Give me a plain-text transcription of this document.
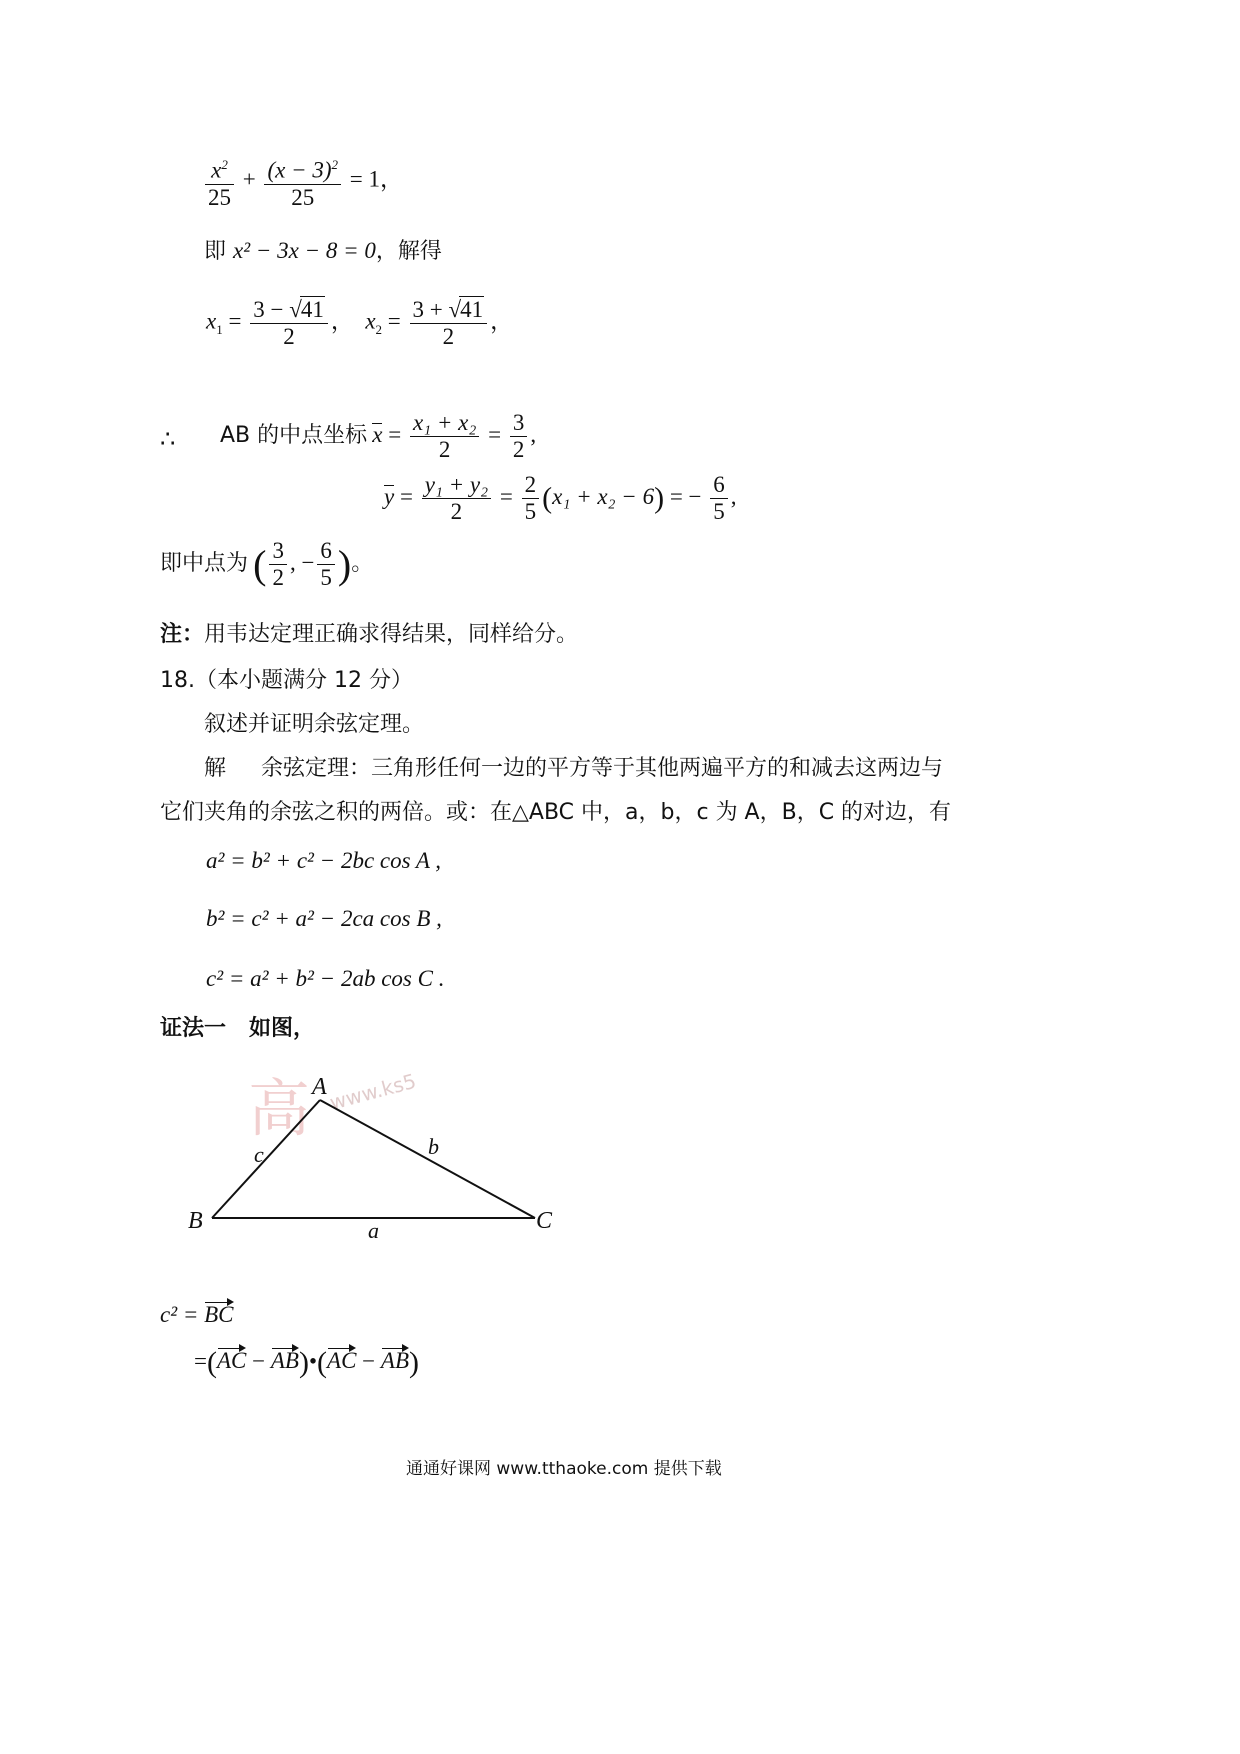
$\frac{x^2}{25} + \frac{(x - 3)^2}{25} = 1$，
即 x² − 3x − 8 = 0，解得
$x_1 = \frac{3 - √41}{2}$ ， $x_2 = \frac{3 + √41}{2}$ ，
∴ AB 的中点坐标 $x = \frac{\text{x₁ + x₂}}{2} = \frac{3}{2}$ ,
$y = \frac{\text{y₁ + y₂}}{2} = \frac{2}{5} (x_1 + x_2 - 6)$ = − $\frac{6}{5}$ ,
即中点为 ( $\frac{3}{2}$ , − $\frac{6}{5}$ )。
注：用韦达定理正确求得结果，同样给分。
18.（本小题满分 12 分）
叙述并证明余弦定理。
解 余弦定理：三角形任何一边的平方等于其他两遍平方的和减去这两边与
它们夹角的余弦之积的两倍。或：在△ABC 中，a，b，c 为 A，B，C 的对边，有
a² = b² + c² − 2bc cos A ,
b² = c² + a² − 2ca cos B ,
c² = a² + b² − 2ab cos C .
证法一 如图，
高 www.ks5
A
B	C
a
b
c
c² = BC
=(AC − AB)•(AC − AB)
通通好课网 www.tthaoke.com 提供下载
